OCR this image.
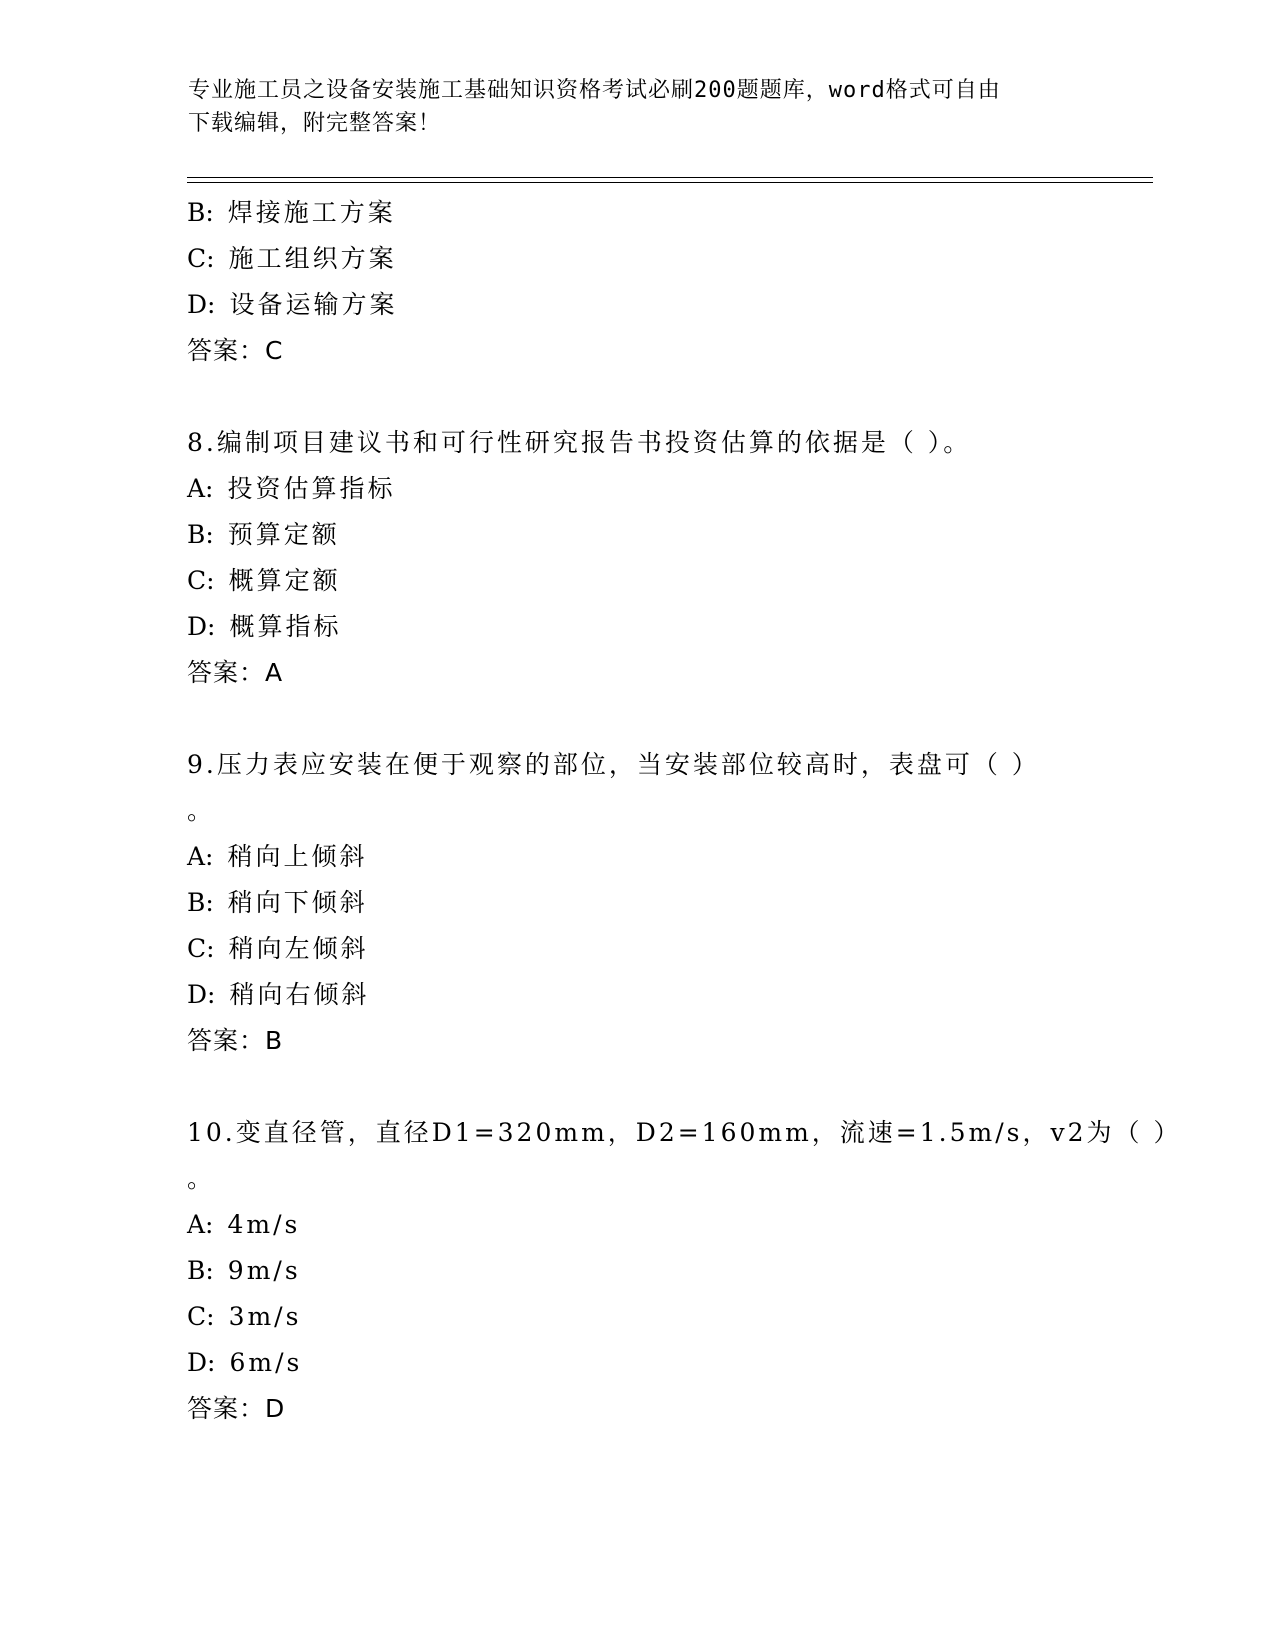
专业施工员之设备安装施工基础知识资格考试必刷200题题库，word格式可自由
下载编辑，附完整答案！
B: 焊接施工方案
C: 施工组织方案
D: 设备运输方案
答案：C
8.编制项目建议书和可行性研究报告书投资估算的依据是（ ）。
A: 投资估算指标
B: 预算定额
C: 概算定额
D: 概算指标
答案：A
9.压力表应安装在便于观察的部位，当安装部位较高时，表盘可（ ）
。
A: 稍向上倾斜
B: 稍向下倾斜
C: 稍向左倾斜
D: 稍向右倾斜
答案：B
10.变直径管，直径D1=320mm，D2=160mm，流速=1.5m/s，v2为（ ）
。
A: 4m/s
B: 9m/s
C: 3m/s
D: 6m/s
答案：D
